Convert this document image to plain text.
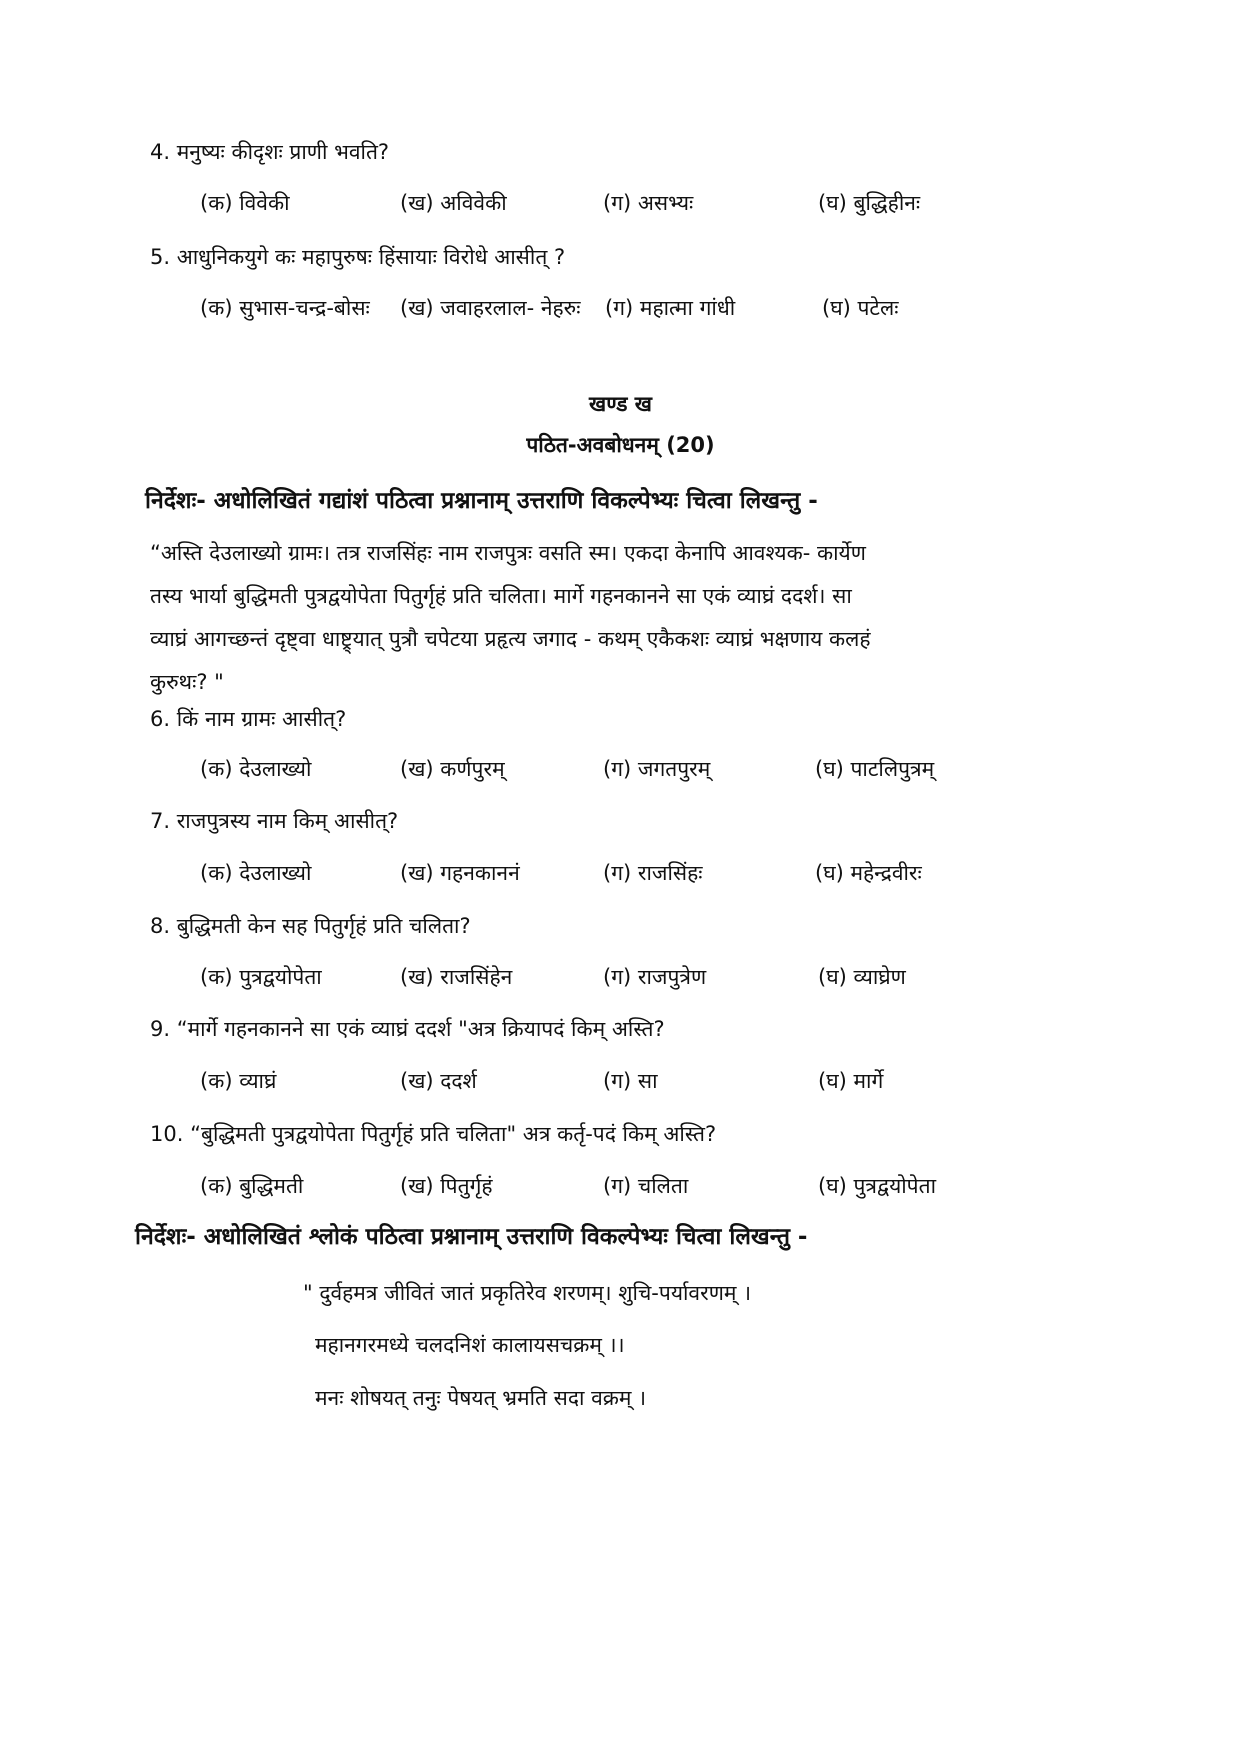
4. मनुष्यः कीदृशः प्राणी भवति?
(क) विवेकी	(ख) अविवेकी	(ग) असभ्यः	(घ) बुद्धिहीनः
5. आधुनिकयुगे कः महापुरुषः हिंसायाः विरोधे आसीत् ?
(क) सुभास-चन्द्र-बोसः (ख) जवाहरलाल- नेहरुः (ग) महात्मा गांधी	(घ) पटेलः
खण्ड ख
पठित-अवबोधनम् (20)
निर्देशः- अधोलिखितं गद्यांशं पठित्वा प्रश्नानाम् उत्तराणि विकल्पेभ्यः चित्वा लिखन्तु -
“अस्ति देउलाख्यो ग्रामः। तत्र राजसिंहः नाम राजपुत्रः वसति स्म। एकदा केनापि आवश्यक- कार्येण
तस्य भार्या बुद्धिमती पुत्रद्वयोपेता पितुर्गृहं प्रति चलिता। मार्गे गहनकानने सा एकं व्याघ्रं ददर्श। सा
व्याघ्रं आगच्छन्तं दृष्ट्वा धाष्ट्र्यात् पुत्रौ चपेटया प्रहृत्य जगाद - कथम् एकैकशः व्याघ्रं भक्षणाय कलहं
कुरुथः? "
6. किं नाम ग्रामः आसीत्?
(क) देउलाख्यो	(ख) कर्णपुरम्	(ग) जगतपुरम्	(घ) पाटलिपुत्रम्
7. राजपुत्रस्य नाम किम् आसीत्?
(क) देउलाख्यो	(ख) गहनकाननं	(ग) राजसिंहः	(घ) महेन्द्रवीरः
8. बुद्धिमती केन सह पितुर्गृहं प्रति चलिता?
(क) पुत्रद्वयोपेता	(ख) राजसिंहेन	(ग) राजपुत्रेण	(घ) व्याघ्रेण
9. “मार्गे गहनकानने सा एकं व्याघ्रं ददर्श "अत्र क्रियापदं किम् अस्ति?
(क) व्याघ्रं	(ख) ददर्श	(ग) सा	(घ) मार्गे
10. “बुद्धिमती पुत्रद्वयोपेता पितुर्गृहं प्रति चलिता" अत्र कर्तृ-पदं किम् अस्ति?
(क) बुद्धिमती	(ख) पितुर्गृहं	(ग) चलिता	(घ) पुत्रद्वयोपेता
निर्देशः- अधोलिखितं श्लोकं पठित्वा प्रश्नानाम् उत्तराणि विकल्पेभ्यः चित्वा लिखन्तु -
" दुर्वहमत्र जीवितं जातं प्रकृतिरेव शरणम्। शुचि-पर्यावरणम् ।
महानगरमध्ये चलदनिशं कालायसचक्रम् ।।
मनः शोषयत् तनुः पेषयत् भ्रमति सदा वक्रम् ।
